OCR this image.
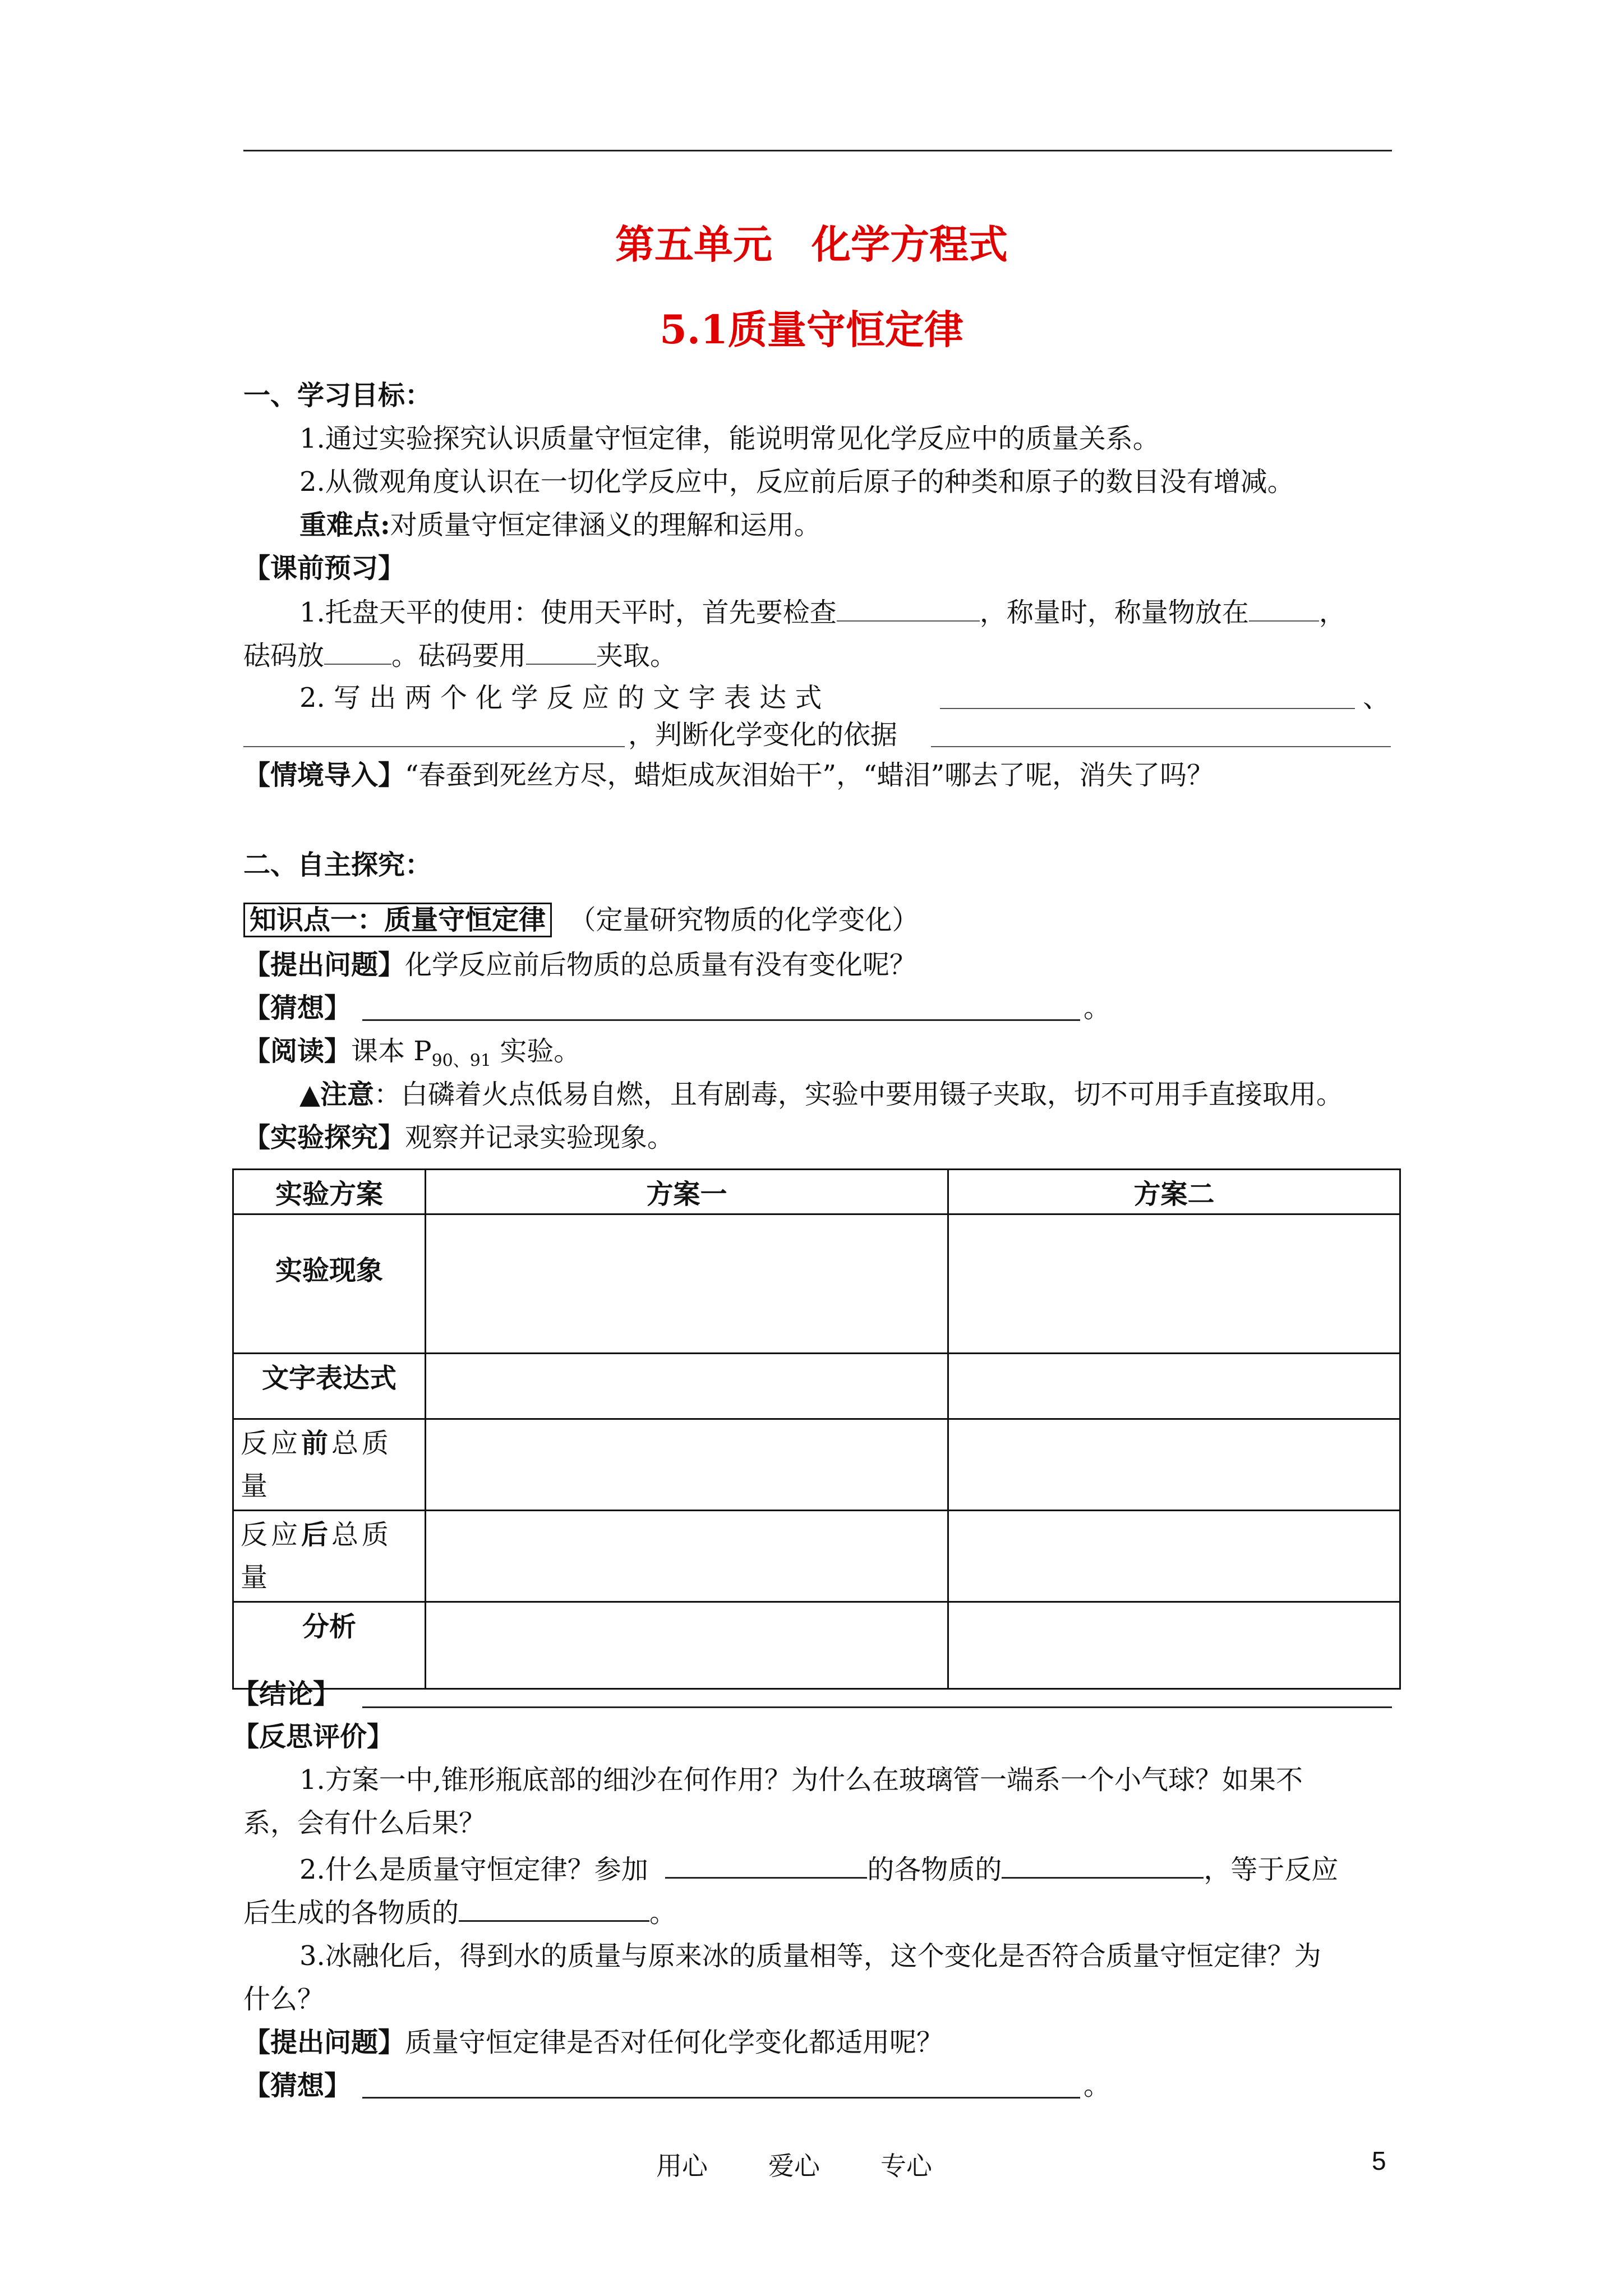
第五单元　化学方程式
5.1质量守恒定律
一、学习目标：
1.通过实验探究认识质量守恒定律，能说明常见化学反应中的质量关系。
2.从微观角度认识在一切化学反应中，反应前后原子的种类和原子的数目没有增减。
重难点:对质量守恒定律涵义的理解和运用。
【课前预习】
1.托盘天平的使用：使用天平时，首先要检查	，称量时，称量物放在	，
砝码放	。砝码要用	夹取。
2. 写 出 两 个 化 学 反 应 的 文 字 表 达 式	、
，判断化学变化的依据
【情境导入】“春蚕到死丝方尽，蜡炬成灰泪始干”，“蜡泪”哪去了呢，消失了吗？
二、自主探究：
知识点一：质量守恒定律 （定量研究物质的化学变化）
【提出问题】化学反应前后物质的总质量有没有变化呢？
【猜想】	。
【阅读】课本 $P_{90、91}$ 实验。
▲注意：白磷着火点低易自燃，且有剧毒，实验中要用镊子夹取，切不可用手直接取用。
【实验探究】观察并记录实验现象。
实验方案	方案一	方案二
实验现象		
文字表达式		
反应前总质
量		
反应后总质
量		
分析		
【结论】
【反思评价】
1.方案一中,锥形瓶底部的细沙在何作用？为什么在玻璃管一端系一个小气球？如果不
系，会有什么后果？
2.什么是质量守恒定律？参加	的各物质的	，等于反应
后生成的各物质的	。
3.冰融化后，得到水的质量与原来冰的质量相等，这个变化是否符合质量守恒定律？为
什么？
【提出问题】质量守恒定律是否对任何化学变化都适用呢？
【猜想】	。
用心 爱心 专心	5
